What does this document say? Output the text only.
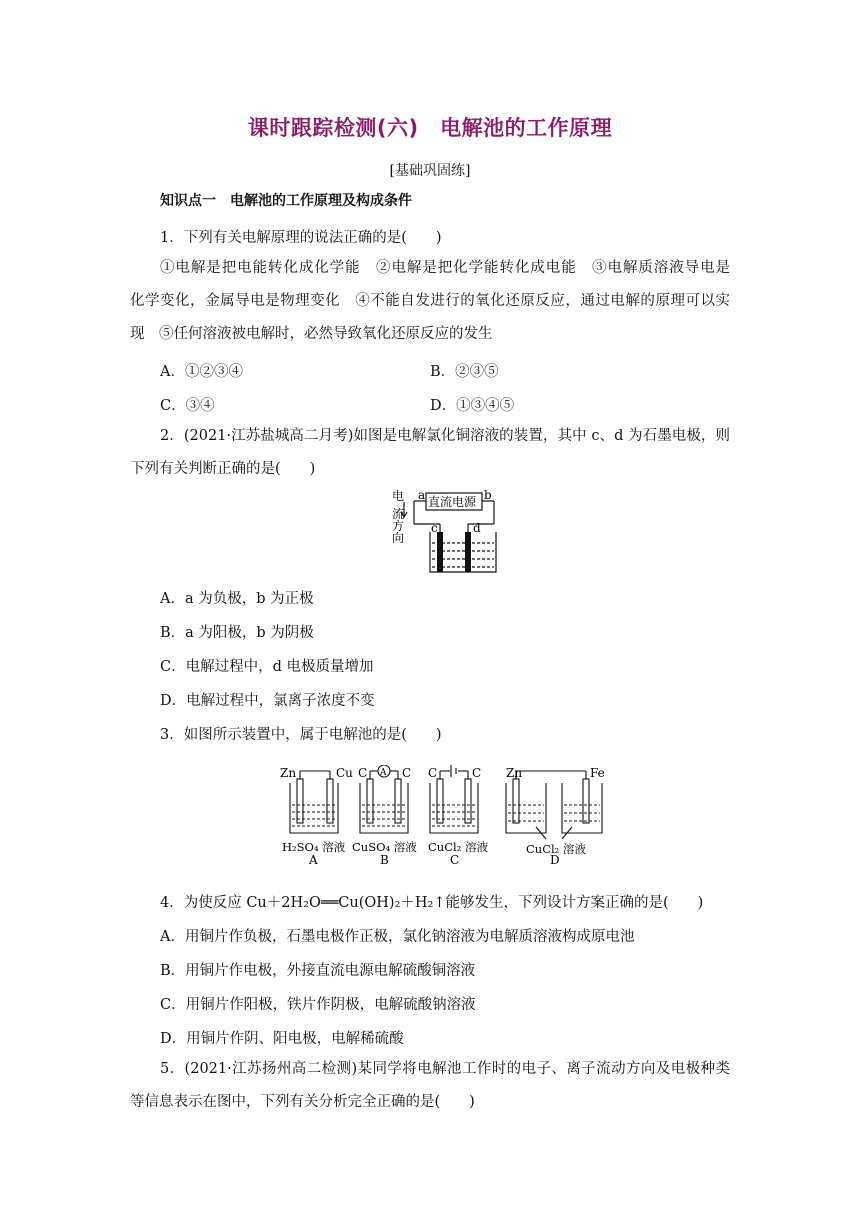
课时跟踪检测(六)　电解池的工作原理
[基础巩固练]
知识点一　电解池的工作原理及构成条件
1．下列有关电解原理的说法正确的是(　　)
①电解是把电能转化成化学能　②电解是把化学能转化成电能　③电解质溶液导电是
化学变化，金属导电是物理变化　④不能自发进行的氧化还原反应，通过电解的原理可以实
现　⑤任何溶液被电解时，必然导致氧化还原反应的发生
A．①②③④	B．②③⑤
C．③④	D．①③④⑤
2．(2021·江苏盐城高二月考)如图是电解氯化铜溶液的装置，其中 c、d 为石墨电极，则
下列有关判断正确的是(　　)
直流电源
a	b
c	d
电
流
方
向
A．a 为负极，b 为正极
B．a 为阳极，b 为阴极
C．电解过程中，d 电极质量增加
D．电解过程中，氯离子浓度不变
3．如图所示装置中，属于电解池的是(　　)
Zn	Cu
H₂SO₄ 溶液
A
C	C
A
CuSO₄ 溶液
B
C	C
CuCl₂ 溶液
C
Zn	Fe
CuCl₂ 溶液
D
4．为使反应 Cu＋2H₂O══Cu(OH)₂＋H₂↑能够发生，下列设计方案正确的是(　　)
A．用铜片作负极，石墨电极作正极，氯化钠溶液为电解质溶液构成原电池
B．用铜片作电极，外接直流电源电解硫酸铜溶液
C．用铜片作阳极，铁片作阴极，电解硫酸钠溶液
D．用铜片作阴、阳电极，电解稀硫酸
5．(2021·江苏扬州高二检测)某同学将电解池工作时的电子、离子流动方向及电极种类
等信息表示在图中，下列有关分析完全正确的是(　　)
